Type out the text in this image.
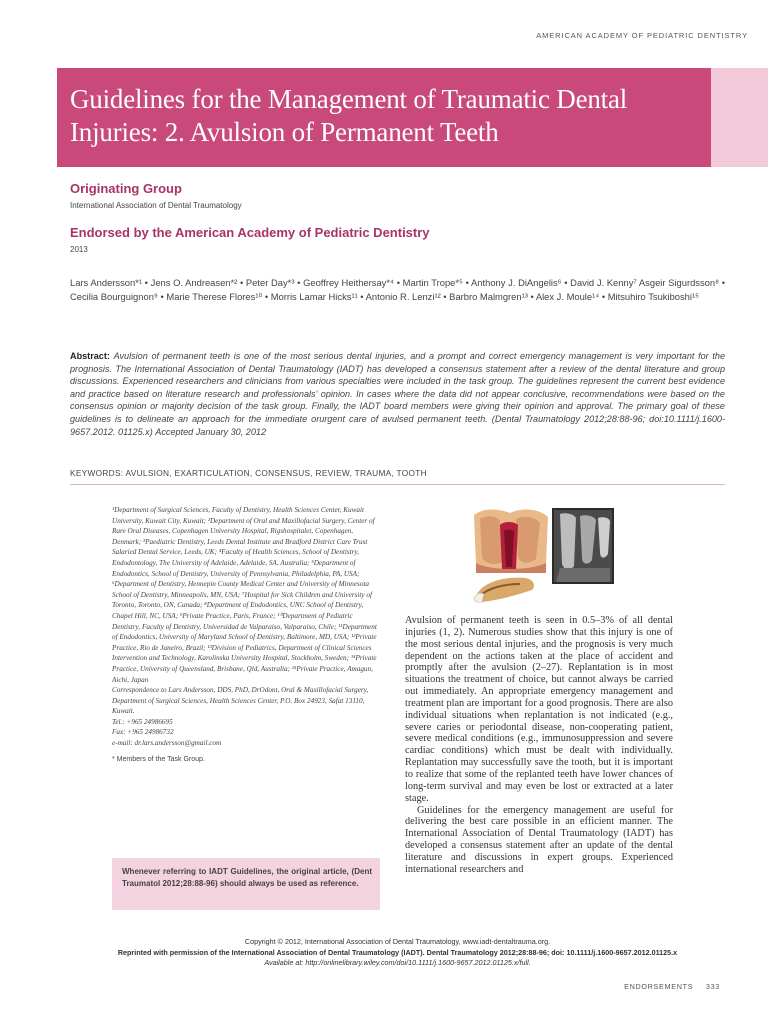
AMERICAN ACADEMY OF PEDIATRIC DENTISTRY
Guidelines for the Management of Traumatic Dental
Injuries: 2. Avulsion of Permanent Teeth
Originating Group
International Association of Dental Traumatology
Endorsed by the American Academy of Pediatric Dentistry
2013
Lars Andersson*¹ • Jens O. Andreasen*² • Peter Day*³ • Geoffrey Heithersay*⁴ • Martin Trope*⁵ • Anthony J. DiAngelis⁶ • David J. Kenny⁷ Asgeir Sigurdsson⁸ • Cecilia Bourguignon⁹ • Marie Therese Flores¹⁰ • Morris Lamar Hicks¹¹ • Antonio R. Lenzi¹² • Barbro Malmgren¹³ • Alex J. Moule¹⁴ • Mitsuhiro Tsukiboshi¹⁵
Abstract: Avulsion of permanent teeth is one of the most serious dental injuries, and a prompt and correct emergency management is very important for the prognosis. The International Association of Dental Traumatology (IADT) has developed a consensus statement after a review of the dental literature and group discussions. Experienced researchers and clinicians from various specialties were included in the task group. The guidelines represent the current best evidence and practice based on literature research and professionals' opinion. In cases where the data did not appear conclusive, recommendations were based on the consensus opinion or majority decision of the task group. Finally, the IADT board members were giving their opinion and approval. The primary goal of these guidelines is to delineate an approach for the immediate orurgent care of avulsed permanent teeth. (Dental Traumatology 2012;28:88-96; doi:10.1111/j.1600-9657.2012. 01125.x) Accepted January 30, 2012
KEYWORDS: AVULSION, EXARTICULATION, CONSENSUS, REVIEW, TRAUMA, TOOTH

¹Department of Surgical Sciences, Faculty of Dentistry, Health Sciences Center, Kuwait University, Kuwait City, Kuwait; ²Department of Oral and Maxillofacial Surgery, Center of Rare Oral Diseases, Copenhagen University Hospital, Rigshospitalet, Copenhagen, Denmark; ³Paediatric Dentistry, Leeds Dental Institute and Bradford District Care Trust Salaried Dental Service, Leeds, UK; ⁴Faculty of Health Sciences, School of Dentistry, Endodontology, The University of Adelaide, Adelaide, SA, Australia; ⁵Department of Endodontics, School of Dentistry, University of Pennsylvania, Philadelphia, PA, USA; ⁶Department of Dentistry, Hennepin County Medical Center and University of Minnesota School of Dentistry, Minneapolis, MN, USA; ⁷Hospital for Sick Children and University of Toronto, Toronto, ON, Canada; ⁸Department of Endodontics, UNC School of Dentistry, Chapel Hill, NC, USA; ⁹Private Practice, Paris, France; ¹⁰Department of Pediatric Dentistry, Faculty of Dentistry, Universidad de Valparaiso, Valparaiso, Chile; ¹¹Department of Endodontics, University of Maryland School of Dentistry, Baltimore, MD, USA; ¹²Private Practice, Rio de Janeiro, Brazil; ¹³Division of Pediatrics, Department of Clinical Sciences Intervention and Technology, Karolinska University Hospital, Stockholm, Sweden; ¹⁴Private Practice, University of Queensland, Brisbane, Qld, Australia; ¹⁵Private Practice, Amagun, Aichi, Japan

Correspondence to Lars Andersson, DDS, PhD, DrOdont, Oral & Maxillofacial Surgery, Department of Surgical Sciences, Health Sciences Center, P.O. Box 24923, Safat 13110, Kuwait.

Tel.: +965 24986695

Fax: +965 24986732

e-mail: dr.lars.andersson@gmail.com

* Members of the Task Group.

Whenever referring to IADT Guidelines, the original article, (Dent Traumatol 2012;28:88-96) should always be used as reference.

Avulsion of permanent teeth is seen in 0.5–3% of all dental injuries (1, 2). Numerous studies show that this injury is one of the most serious dental injuries, and the prognosis is very much dependent on the actions taken at the place of accident and promptly after the avulsion (2–27). Replantation is in most situations the treatment of choice, but cannot always be carried out immediately. An appropriate emergency management and treatment plan are important for a good prognosis. There are also individual situations when replantation is not indicated (e.g., severe caries or periodontal disease, non-cooperating patient, severe medical conditions (e.g., immunosuppression and severe cardiac conditions) which must be dealt with individually. Replantation may successfully save the tooth, but it is important to realize that some of the replanted teeth have lower chances of long-term survival and may even be lost or extracted at a later stage.

Guidelines for the emergency management are useful for delivering the best care possible in an efficient manner. The International Association of Dental Traumatology (IADT) has developed a consensus statement after an update of the dental literature and discussions in expert groups. Experienced international researchers and

Copyright © 2012, International Association of Dental Traumatology, www.iadt-dentaltrauma.org.
Reprinted with permission of the International Association of Dental Traumatology (IADT). Dental Traumatology 2012;28:88-96; doi: 10.1111/j.1600-9657.2012.01125.x
Available at: http://onlinelibrary.wiley.com/doi/10.1111/j.1600-9657.2012.01125.x/full.
ENDORSEMENTS 333
